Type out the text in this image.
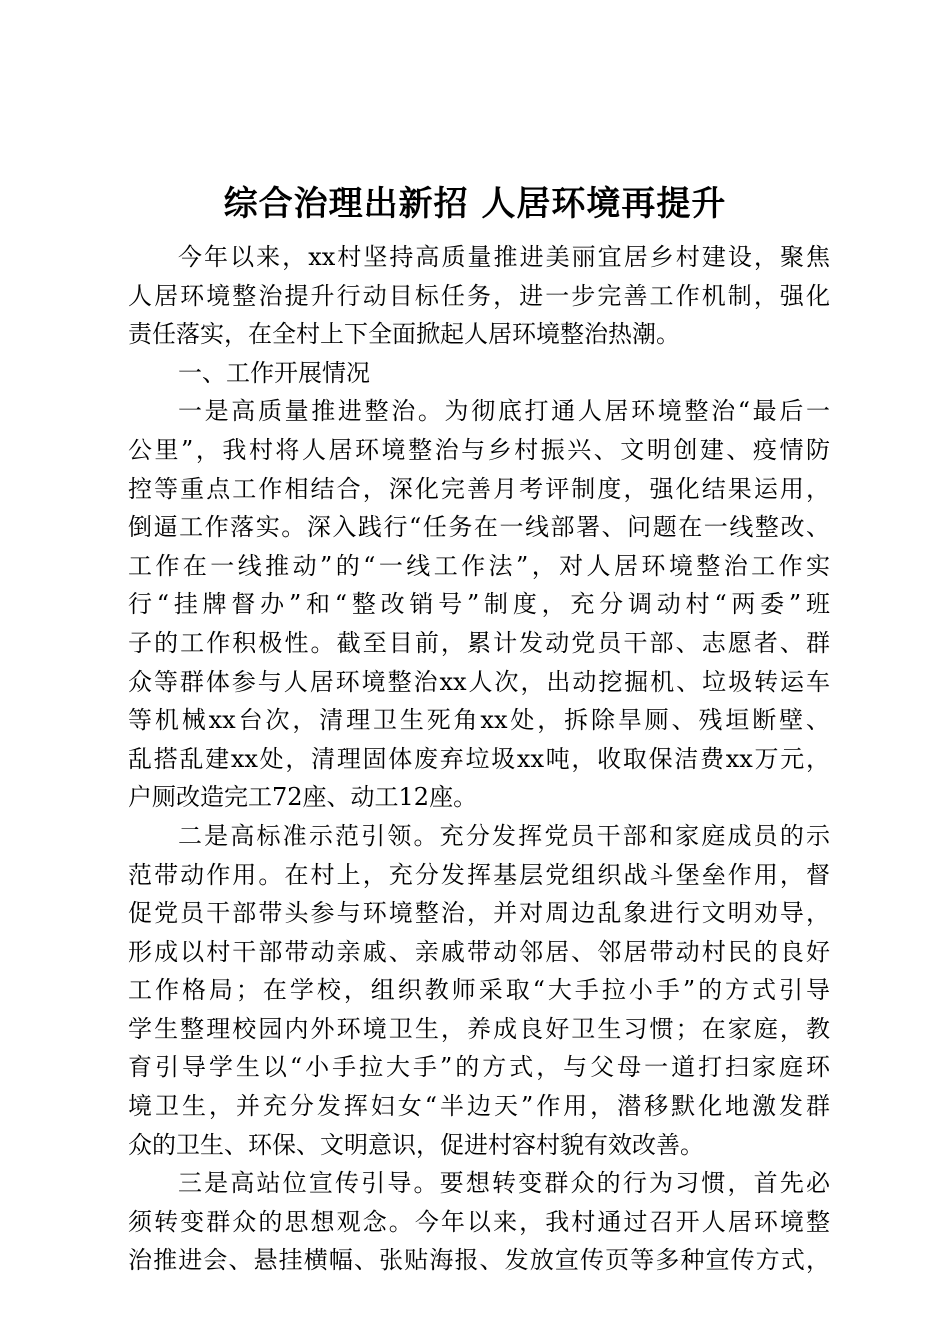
综合治理出新招 人居环境再提升
今年以来，xx村坚持高质量推进美丽宜居乡村建设，聚焦
人居环境整治提升行动目标任务，进一步完善工作机制，强化
责任落实，在全村上下全面掀起人居环境整治热潮。
一、工作开展情况
一是高质量推进整治。为彻底打通人居环境整治“最后一
公里”，我村将人居环境整治与乡村振兴、文明创建、疫情防
控等重点工作相结合，深化完善月考评制度，强化结果运用，
倒逼工作落实。深入践行“任务在一线部署、问题在一线整改、
工作在一线推动”的“一线工作法”，对人居环境整治工作实
行“挂牌督办”和“整改销号”制度，充分调动村“两委”班
子的工作积极性。截至目前，累计发动党员干部、志愿者、群
众等群体参与人居环境整治xx人次，出动挖掘机、垃圾转运车
等机械xx台次，清理卫生死角xx处，拆除旱厕、残垣断壁、
乱搭乱建xx处，清理固体废弃垃圾xx吨，收取保洁费xx万元，
户厕改造完工72座、动工12座。
二是高标准示范引领。充分发挥党员干部和家庭成员的示
范带动作用。在村上，充分发挥基层党组织战斗堡垒作用，督
促党员干部带头参与环境整治，并对周边乱象进行文明劝导，
形成以村干部带动亲戚、亲戚带动邻居、邻居带动村民的良好
工作格局；在学校，组织教师采取“大手拉小手”的方式引导
学生整理校园内外环境卫生，养成良好卫生习惯；在家庭，教
育引导学生以“小手拉大手”的方式，与父母一道打扫家庭环
境卫生，并充分发挥妇女“半边天”作用，潜移默化地激发群
众的卫生、环保、文明意识，促进村容村貌有效改善。
三是高站位宣传引导。要想转变群众的行为习惯，首先必
须转变群众的思想观念。今年以来，我村通过召开人居环境整
治推进会、悬挂横幅、张贴海报、发放宣传页等多种宣传方式，
